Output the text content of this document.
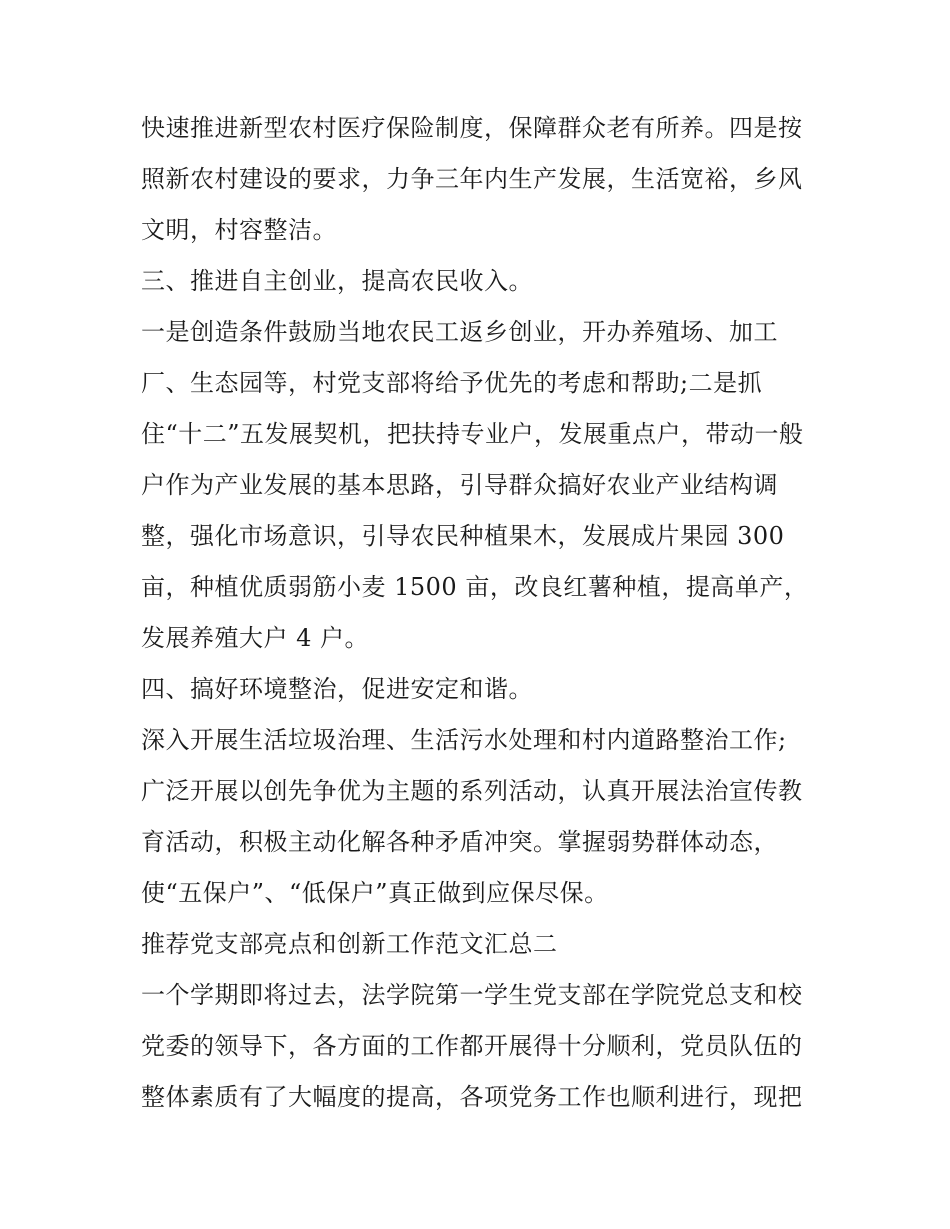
快速推进新型农村医疗保险制度，保障群众老有所养。四是按
照新农村建设的要求，力争三年内生产发展，生活宽裕，乡风
文明，村容整洁。
三、推进自主创业，提高农民收入。
一是创造条件鼓励当地农民工返乡创业，开办养殖场、加工
厂、生态园等，村党支部将给予优先的考虑和帮助;二是抓
住“十二”五发展契机，把扶持专业户，发展重点户，带动一般
户作为产业发展的基本思路，引导群众搞好农业产业结构调
整，强化市场意识，引导农民种植果木，发展成片果园 300
亩，种植优质弱筋小麦 1500 亩，改良红薯种植，提高单产，
发展养殖大户 4 户。
四、搞好环境整治，促进安定和谐。
深入开展生活垃圾治理、生活污水处理和村内道路整治工作;
广泛开展以创先争优为主题的系列活动，认真开展法治宣传教
育活动，积极主动化解各种矛盾冲突。掌握弱势群体动态，
使“五保户”、“低保户”真正做到应保尽保。
推荐党支部亮点和创新工作范文汇总二
一个学期即将过去，法学院第一学生党支部在学院党总支和校
党委的领导下，各方面的工作都开展得十分顺利，党员队伍的
整体素质有了大幅度的提高，各项党务工作也顺利进行，现把
